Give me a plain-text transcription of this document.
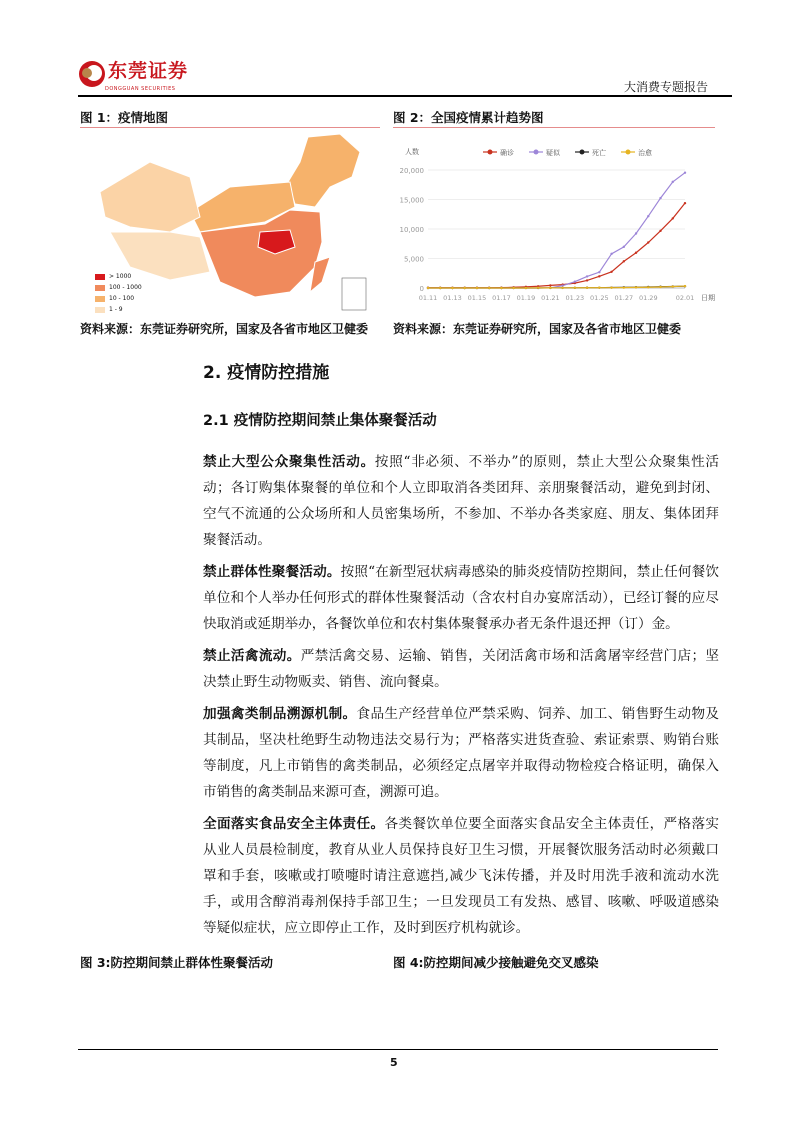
东莞证券
DONGGUAN SECURITIES	大消费专题报告
图 1：疫情地图	图 2：全国疫情累计趋势图
> 1000
100 - 1000
10 - 100
1 - 9
0
5,000
10,000
15,000
20,000
01.11 01.13 01.15 01.17 01.19 01.21 01.23 01.25 01.27 01.29	02.01 日期
人数	确诊	疑似	死亡	治愈
资料来源：东莞证券研究所，国家及各省市地区卫健委	资料来源：东莞证券研究所，国家及各省市地区卫健委
2. 疫情防控措施
2.1 疫情防控期间禁止集体聚餐活动

禁止大型公众聚集性活动。按照“非必须、不举办”的原则，禁止大型公众聚集性活动；各订购集体聚餐的单位和个人立即取消各类团拜、亲朋聚餐活动，避免到封闭、空气不流通的公众场所和人员密集场所，不参加、不举办各类家庭、朋友、集体团拜聚餐活动。

禁止群体性聚餐活动。按照“在新型冠状病毒感染的肺炎疫情防控期间，禁止任何餐饮单位和个人举办任何形式的群体性聚餐活动（含农村自办宴席活动），已经订餐的应尽快取消或延期举办，各餐饮单位和农村集体聚餐承办者无条件退还押（订）金。

禁止活禽流动。严禁活禽交易、运输、销售，关闭活禽市场和活禽屠宰经营门店；坚决禁止野生动物贩卖、销售、流向餐桌。

加强禽类制品溯源机制。食品生产经营单位严禁采购、饲养、加工、销售野生动物及其制品，坚决杜绝野生动物违法交易行为；严格落实进货查验、索证索票、购销台账等制度，凡上市销售的禽类制品，必须经定点屠宰并取得动物检疫合格证明，确保入市销售的禽类制品来源可查，溯源可追。

全面落实食品安全主体责任。各类餐饮单位要全面落实食品安全主体责任，严格落实从业人员晨检制度，教育从业人员保持良好卫生习惯，开展餐饮服务活动时必须戴口罩和手套，咳嗽或打喷嚏时请注意遮挡,减少飞沫传播，并及时用洗手液和流动水洗手，或用含醇消毒剂保持手部卫生；一旦发现员工有发热、感冒、咳嗽、呼吸道感染等疑似症状，应立即停止工作，及时到医疗机构就诊。

图 3:防控期间禁止群体性聚餐活动	图 4:防控期间减少接触避免交叉感染
5
